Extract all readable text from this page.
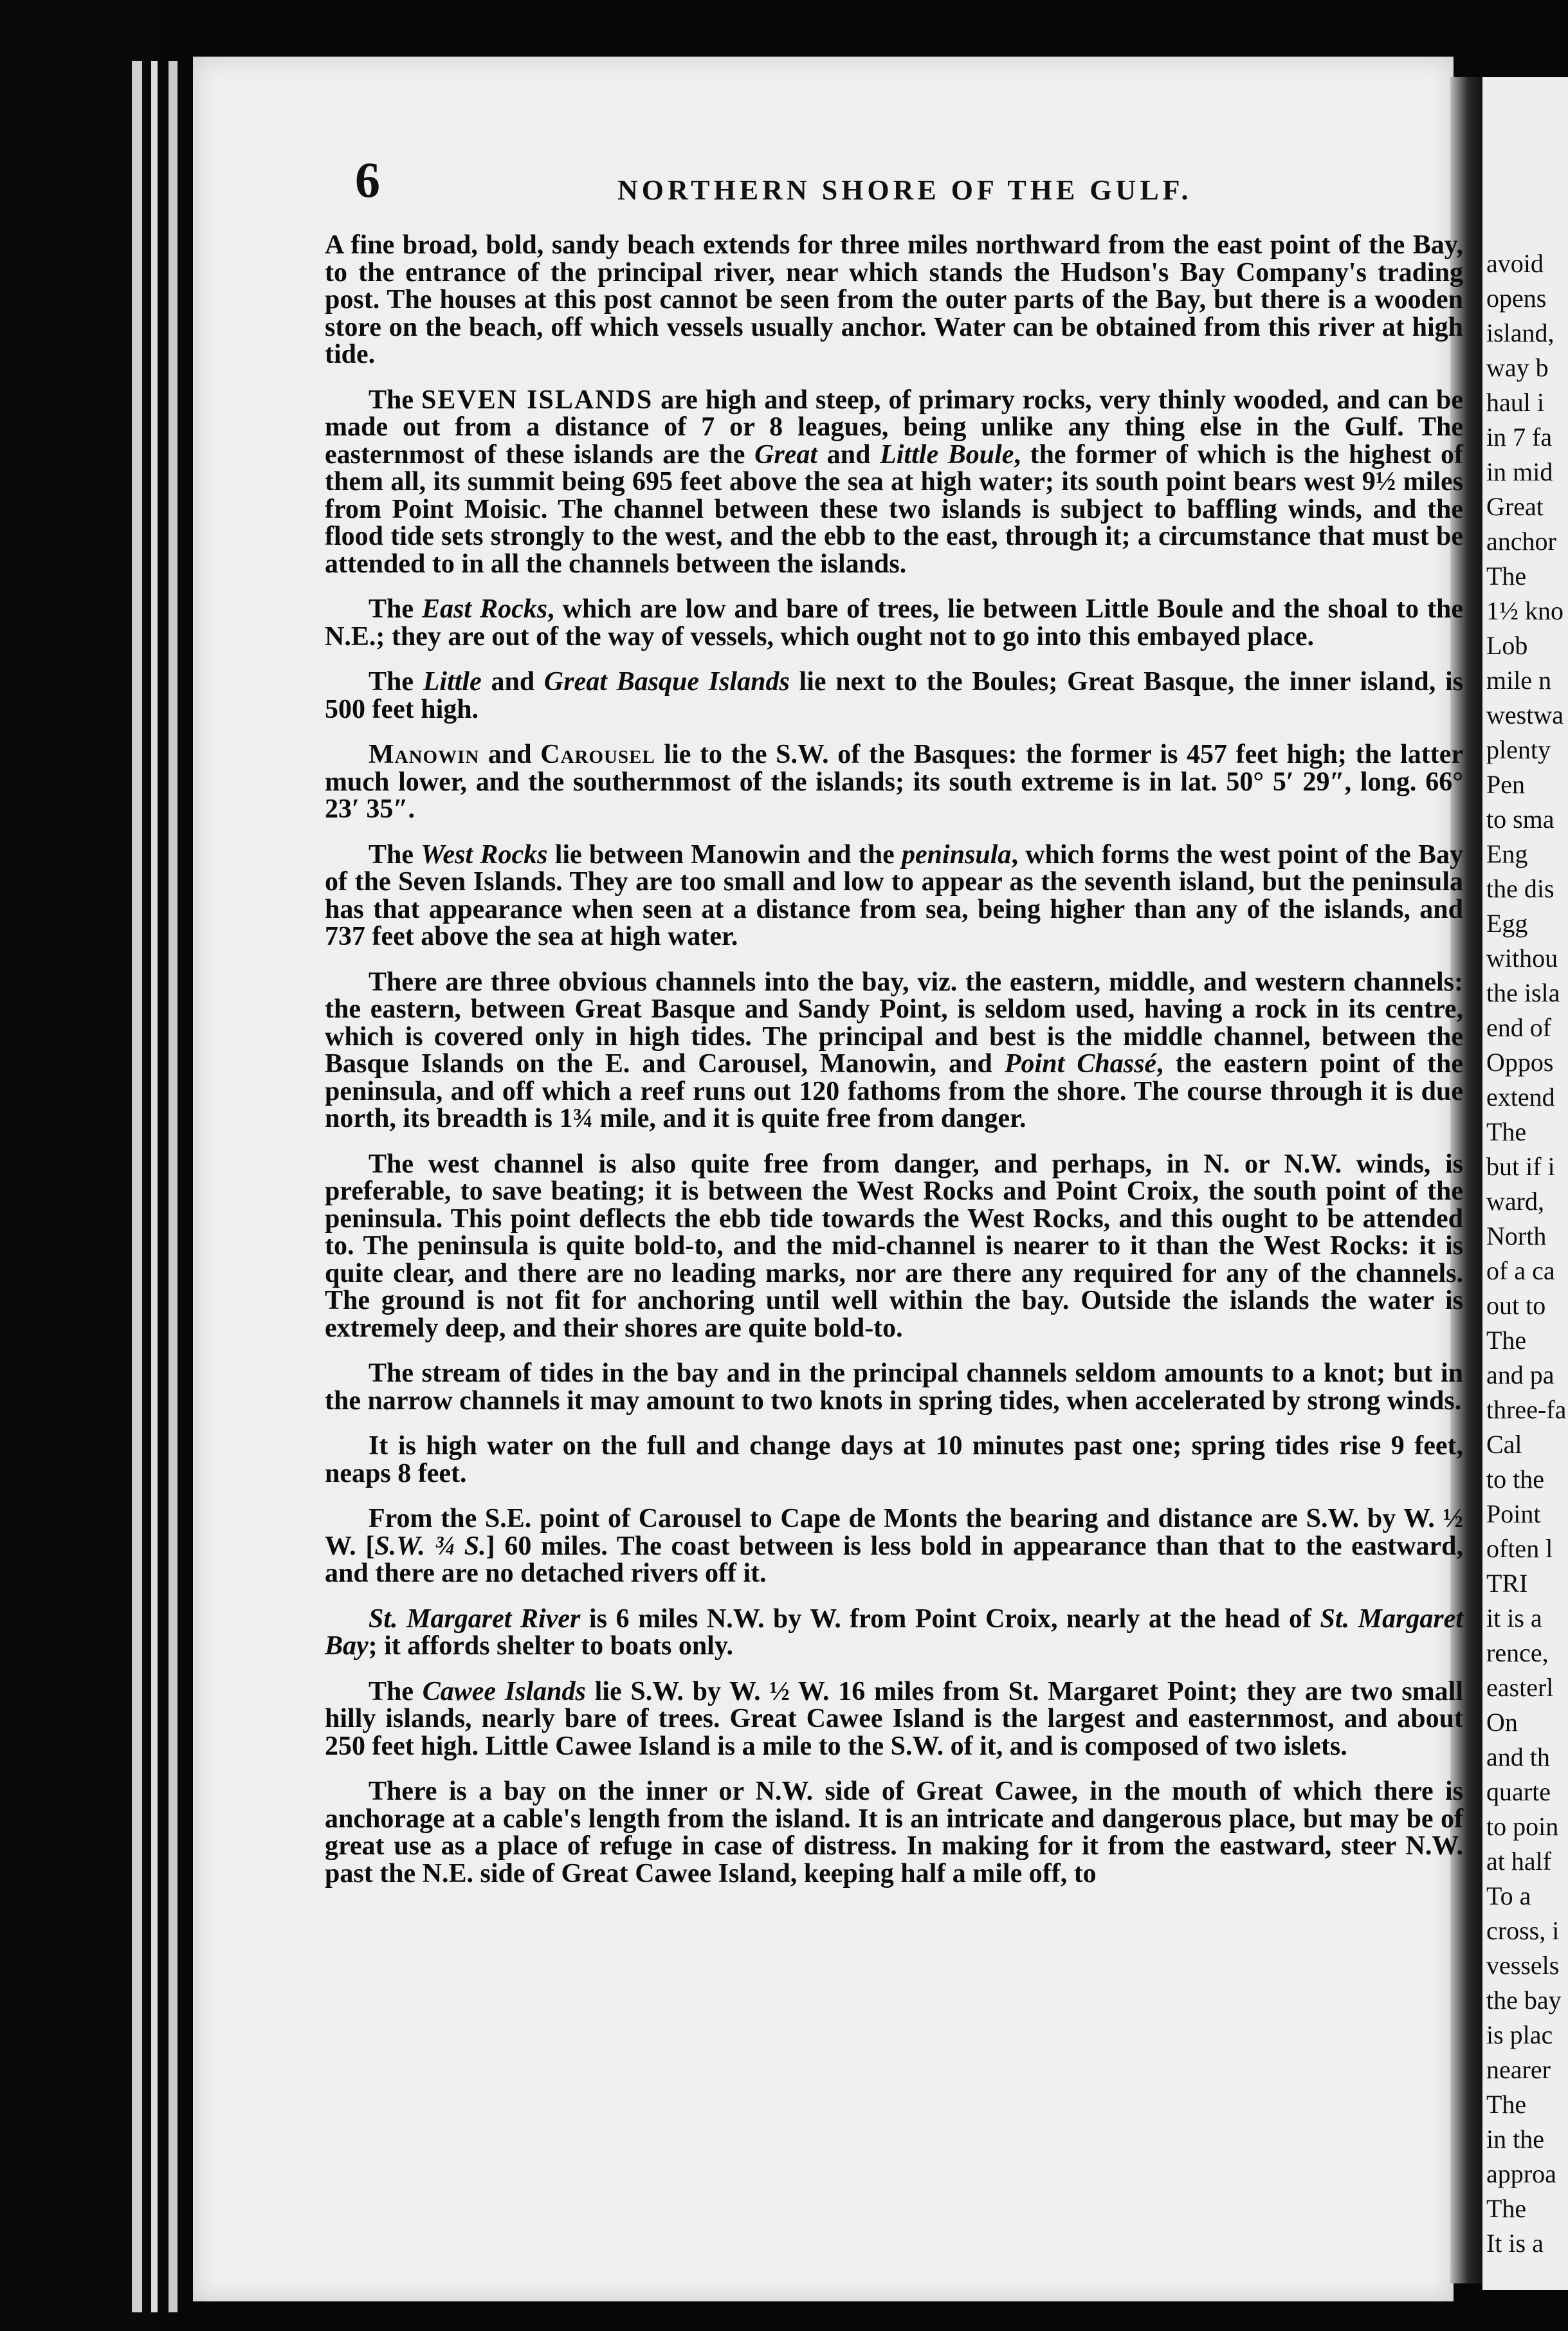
6	NORTHERN SHORE OF THE GULF.

A fine broad, bold, sandy beach extends for three miles northward from the east point of the Bay, to the entrance of the principal river, near which stands the Hudson's Bay Company's trading post. The houses at this post cannot be seen from the outer parts of the Bay, but there is a wooden store on the beach, off which vessels usually anchor. Water can be obtained from this river at high tide.

The SEVEN ISLANDS are high and steep, of primary rocks, very thinly wooded, and can be made out from a distance of 7 or 8 leagues, being unlike any thing else in the Gulf. The easternmost of these islands are the Great and Little Boule, the former of which is the highest of them all, its summit being 695 feet above the sea at high water; its south point bears west 9½ miles from Point Moisic. The channel between these two islands is subject to baffling winds, and the flood tide sets strongly to the west, and the ebb to the east, through it; a circumstance that must be attended to in all the channels between the islands.

The East Rocks, which are low and bare of trees, lie between Little Boule and the shoal to the N.E.; they are out of the way of vessels, which ought not to go into this embayed place.

The Little and Great Basque Islands lie next to the Boules; Great Basque, the inner island, is 500 feet high.

Manowin and Carousel lie to the S.W. of the Basques: the former is 457 feet high; the latter much lower, and the southernmost of the islands; its south extreme is in lat. 50° 5′ 29″, long. 66° 23′ 35″.

The West Rocks lie between Manowin and the peninsula, which forms the west point of the Bay of the Seven Islands. They are too small and low to appear as the seventh island, but the peninsula has that appearance when seen at a distance from sea, being higher than any of the islands, and 737 feet above the sea at high water.

There are three obvious channels into the bay, viz. the eastern, middle, and western channels: the eastern, between Great Basque and Sandy Point, is seldom used, having a rock in its centre, which is covered only in high tides. The principal and best is the middle channel, between the Basque Islands on the E. and Carousel, Manowin, and Point Chassé, the eastern point of the peninsula, and off which a reef runs out 120 fathoms from the shore. The course through it is due north, its breadth is 1¾ mile, and it is quite free from danger.

The west channel is also quite free from danger, and perhaps, in N. or N.W. winds, is preferable, to save beating; it is between the West Rocks and Point Croix, the south point of the peninsula. This point deflects the ebb tide towards the West Rocks, and this ought to be attended to. The peninsula is quite bold-to, and the mid-channel is nearer to it than the West Rocks: it is quite clear, and there are no leading marks, nor are there any required for any of the channels. The ground is not fit for anchoring until well within the bay. Outside the islands the water is extremely deep, and their shores are quite bold-to.

The stream of tides in the bay and in the principal channels seldom amounts to a knot; but in the narrow channels it may amount to two knots in spring tides, when accelerated by strong winds.

It is high water on the full and change days at 10 minutes past one; spring tides rise 9 feet, neaps 8 feet.

From the S.E. point of Carousel to Cape de Monts the bearing and distance are S.W. by W. ½ W. [S.W. ¾ S.] 60 miles. The coast between is less bold in appearance than that to the eastward, and there are no detached rivers off it.

St. Margaret River is 6 miles N.W. by W. from Point Croix, nearly at the head of St. Margaret Bay; it affords shelter to boats only.

The Cawee Islands lie S.W. by W. ½ W. 16 miles from St. Margaret Point; they are two small hilly islands, nearly bare of trees. Great Cawee Island is the largest and easternmost, and about 250 feet high. Little Cawee Island is a mile to the S.W. of it, and is composed of two islets.

There is a bay on the inner or N.W. side of Great Cawee, in the mouth of which there is anchorage at a cable's length from the island. It is an intricate and dangerous place, but may be of great use as a place of refuge in case of distress. In making for it from the eastward, steer N.W. past the N.E. side of Great Cawee Island, keeping half a mile off, to

avoid
opens
island,
way b
haul i
in 7 fa
in mid
Great
anchor
The
1½ kno
Lob
mile n
westwa
plenty
Pen
to sma
Eng
the dis
Egg
withou
the isla
end of
Oppos
extend
The
but if i
ward,
North
of a ca
out to
The
and pa
three-fa
Cal
to the
Point
often l
TRI
it is a
rence,
easterl
On
and th
quarte
to poin
at half
To a
cross, i
vessels
the bay
is plac
nearer
The
in the
approa
The
It is a
